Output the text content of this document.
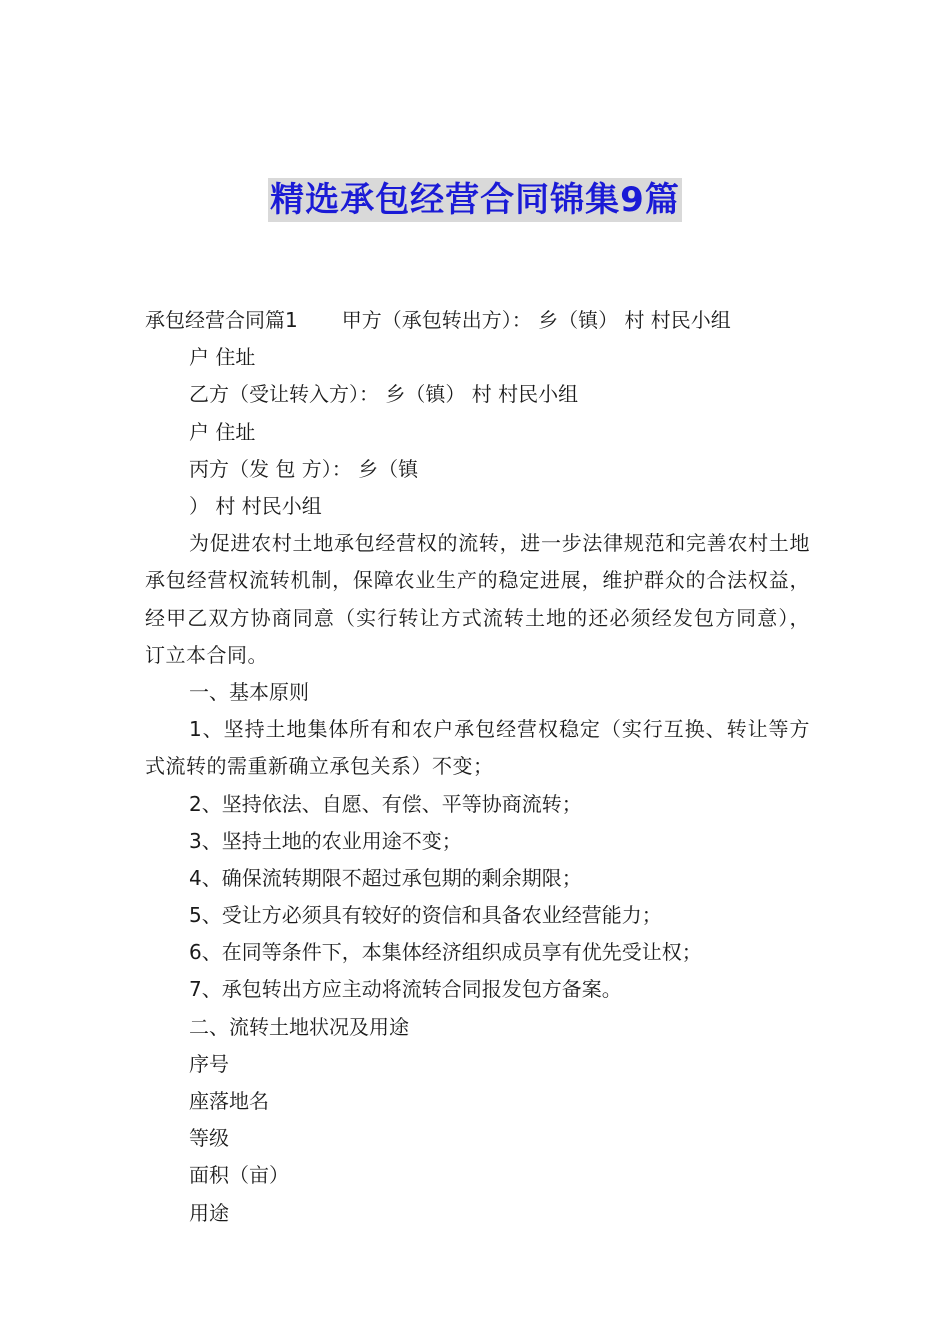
精选承包经营合同锦集9篇
承包经营合同篇1 甲方（承包转出方）： 乡（镇） 村 村民小组
户 住址
乙方（受让转入方）： 乡（镇） 村 村民小组
户 住址
丙方（发 包 方）： 乡（镇
） 村 村民小组
为促进农村土地承包经营权的流转，进一步法律规范和完善农村土地承包经营权流转机制，保障农业生产的稳定进展，维护群众的合法权益，经甲乙双方协商同意（实行转让方式流转土地的还必须经发包方同意），订立本合同。
一、基本原则
1、坚持土地集体所有和农户承包经营权稳定（实行互换、转让等方式流转的需重新确立承包关系）不变；
2、坚持依法、自愿、有偿、平等协商流转；
3、坚持土地的农业用途不变；
4、确保流转期限不超过承包期的剩余期限；
5、受让方必须具有较好的资信和具备农业经营能力；
6、在同等条件下，本集体经济组织成员享有优先受让权；
7、承包转出方应主动将流转合同报发包方备案。
二、流转土地状况及用途
序号
座落地名
等级
面积（亩）
用途
